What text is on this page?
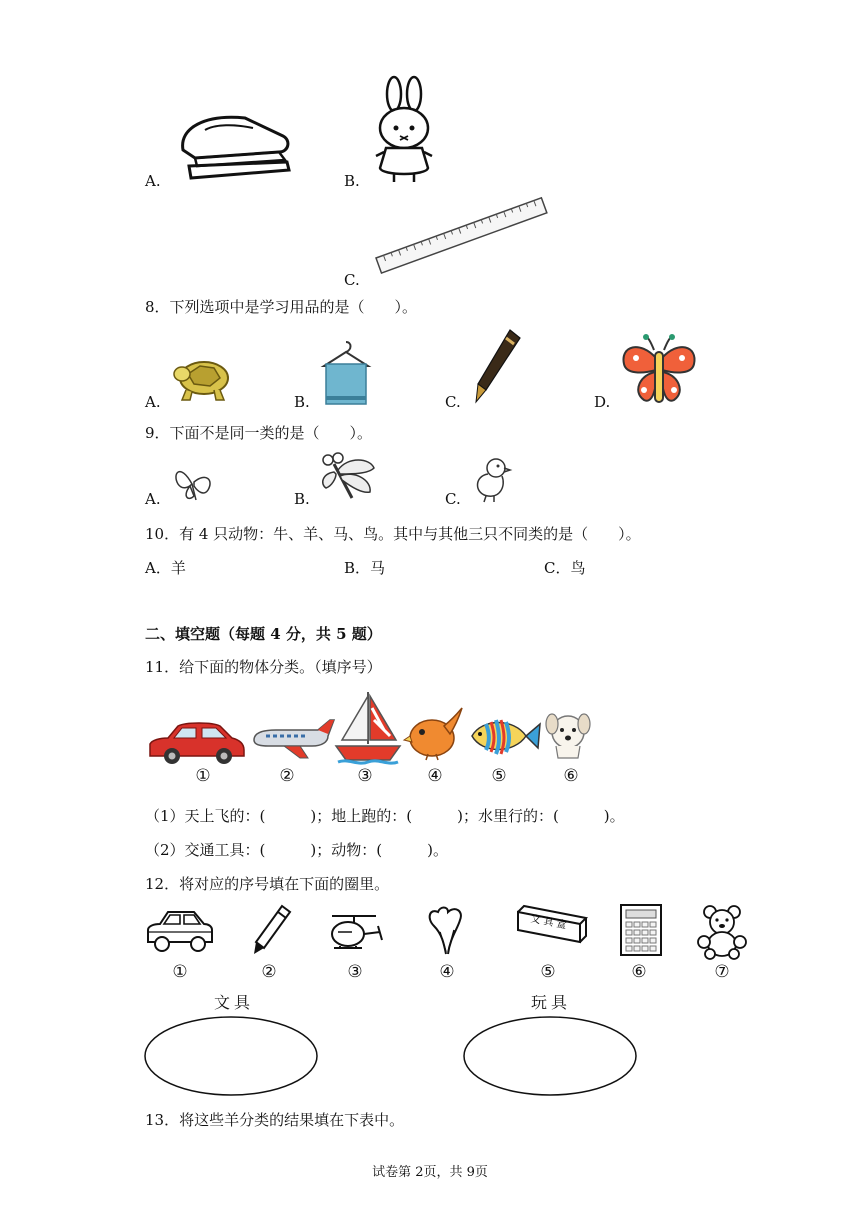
A.	B.
C.
8．下列选项中是学习用品的是（　　）。
A.	B.	C.	D.
9．下面不是同一类的是（　　）。
A.	B.	C.
10．有 4 只动物：牛、羊、马、鸟。其中与其他三只不同类的是（　　）。
A．羊	B．马	C．鸟
二、填空题（每题 4 分，共 5 题）
11．给下面的物体分类。（填序号）
①	②	③	④	⑤	⑥
（1）天上飞的：(　　　)；地上跑的：(　　　)；水里行的：(　　　)。
（2）交通工具：(　　　)；动物：(　　　)。
12．将对应的序号填在下面的圈里。
文 具 盒
①	②	③	④	⑤	⑥	⑦
文具	玩具
13．将这些羊分类的结果填在下表中。
试卷第 2页，共 9页
